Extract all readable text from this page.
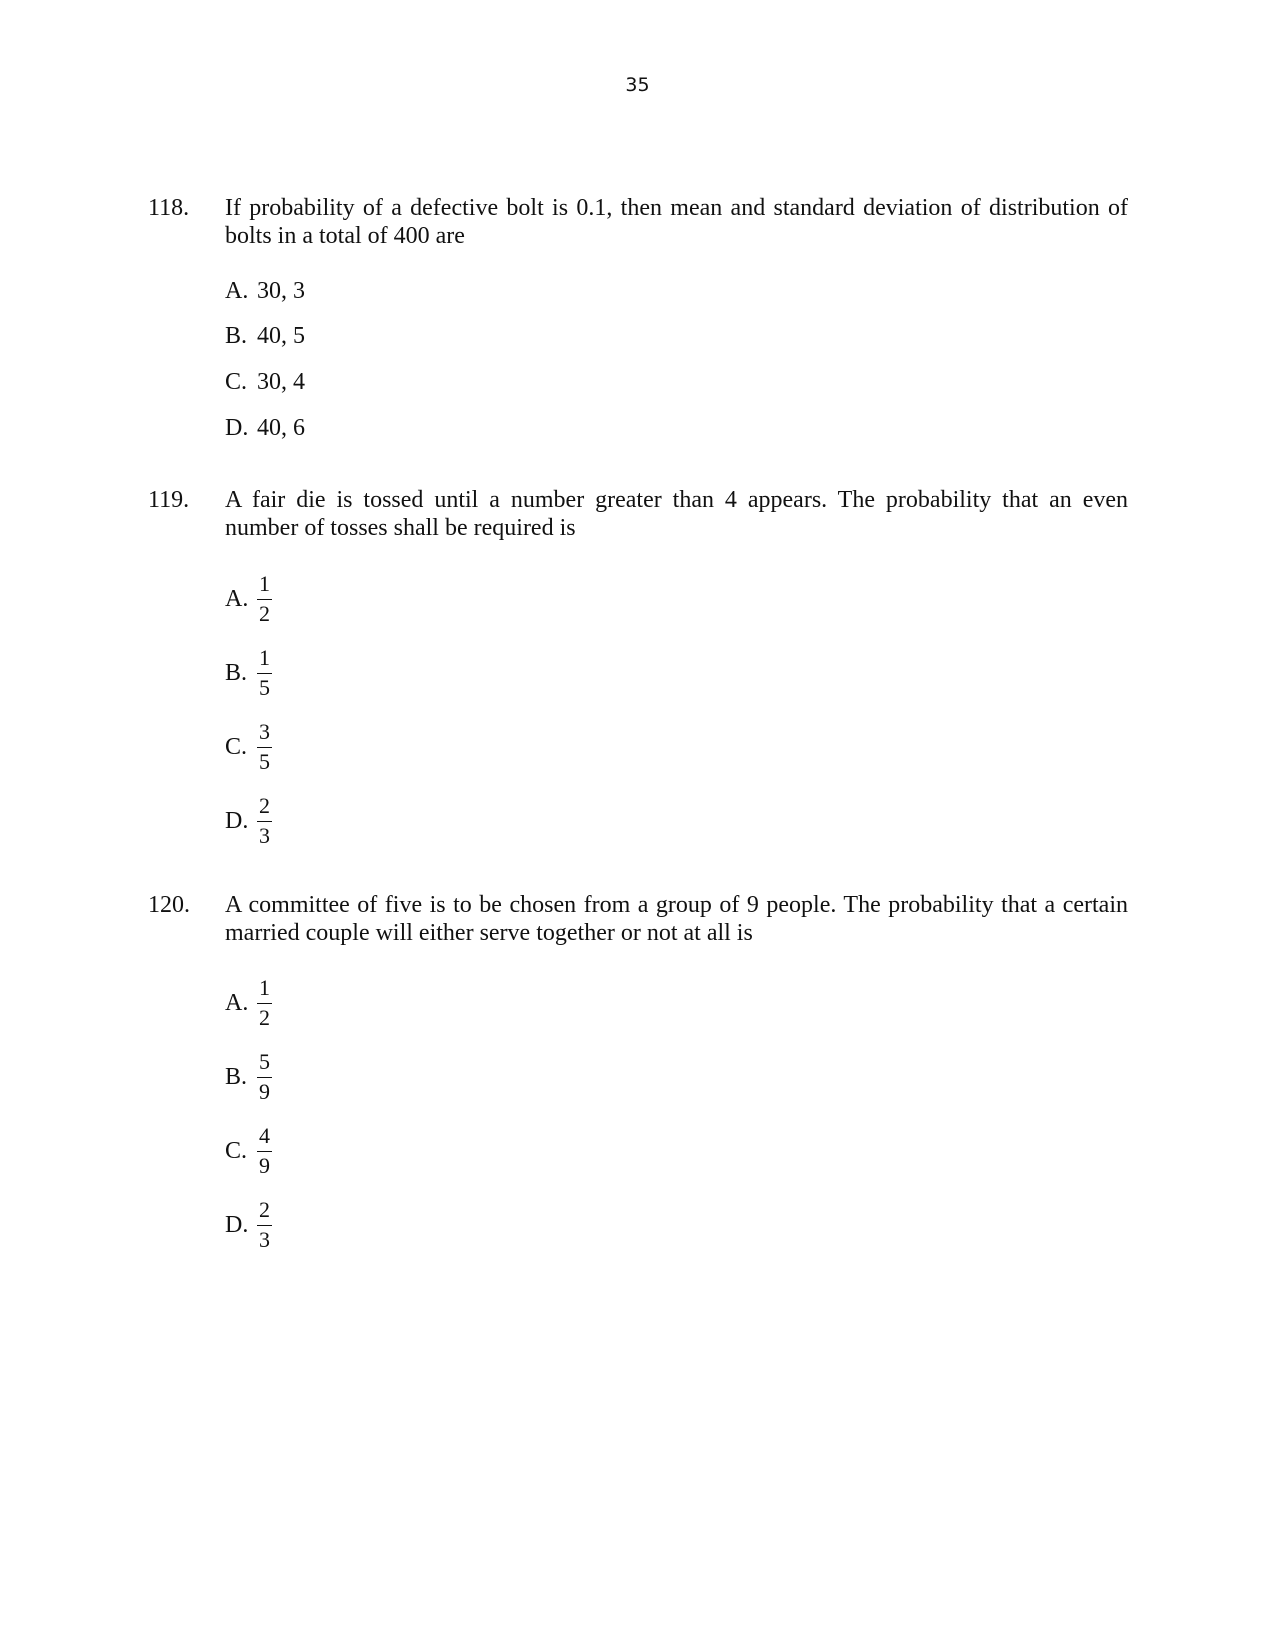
35
118. If probability of a defective bolt is 0.1, then mean and standard deviation of distribution of bolts in a total of 400 are
A. 30, 3
B. 40, 5
C. 30, 4
D. 40, 6
119. A fair die is tossed until a number greater than 4 appears. The probability that an even number of tosses shall be required is
A. $\frac{1}{2}$
B. $\frac{1}{5}$
C. $\frac{3}{5}$
D. $\frac{2}{3}$
120. A committee of five is to be chosen from a group of 9 people. The probability that a certain married couple will either serve together or not at all is
A. $\frac{1}{2}$
B. $\frac{5}{9}$
C. $\frac{4}{9}$
D. $\frac{2}{3}$
